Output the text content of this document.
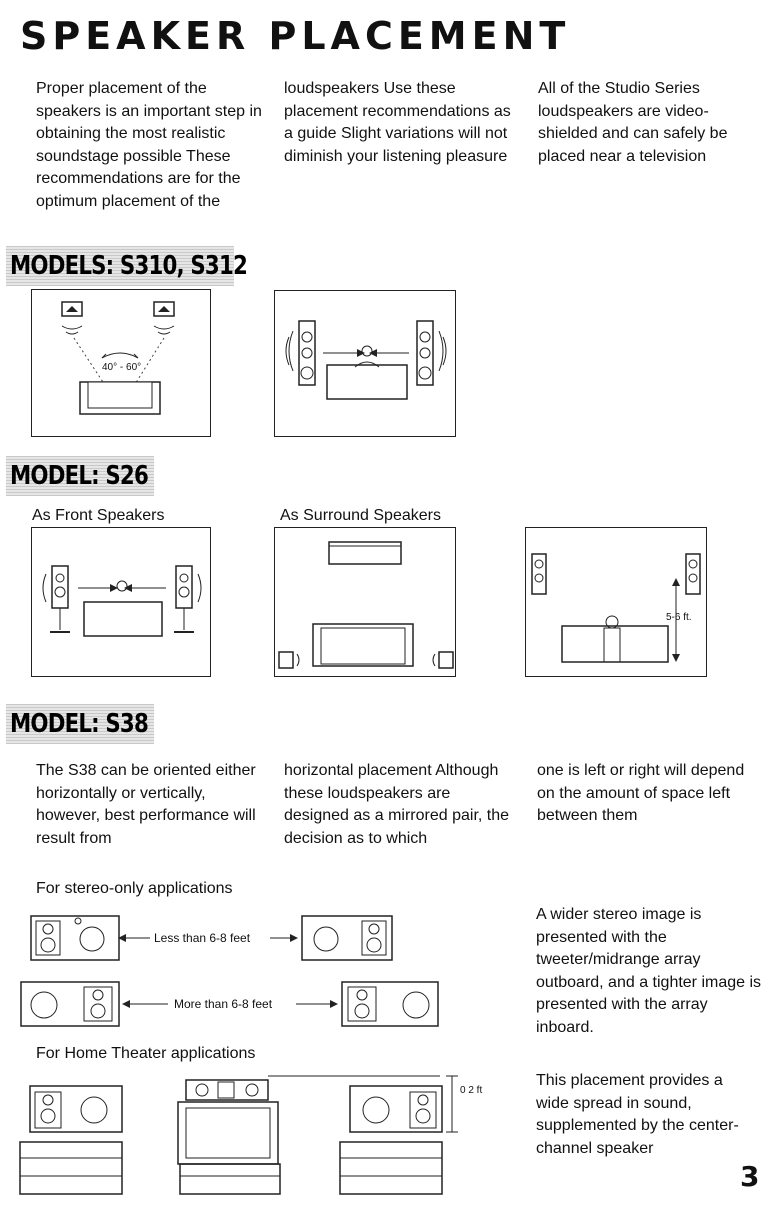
SPEAKER PLACEMENT
Proper placement of the speakers is an important step in obtaining the most realistic soundstage possible These recommendations are for the optimum placement of the
loudspeakers Use these placement recommendations as a guide Slight variations will not diminish your listening pleasure
All of the Studio Series loudspeakers are video-shielded and can safely be placed near a television
MODELS: S310, S312
40° - 60°
MODEL: S26
As Front Speakers	As Surround Speakers
5-6 ft.
MODEL: S38
The S38 can be oriented either horizontally or vertically, however, best performance will result from
horizontal placement Although these loudspeakers are designed as a mirrored pair, the decision as to which
one is left or right will depend on the amount of space left between them
For stereo-only applications
Less than 6-8 feet
More than 6-8 feet
A wider stereo image is presented with the tweeter/midrange array outboard, and a tighter image is presented with the array inboard.
For Home Theater applications
0 2 ft
This placement provides a wide spread in sound, supplemented by the center-channel speaker
3
